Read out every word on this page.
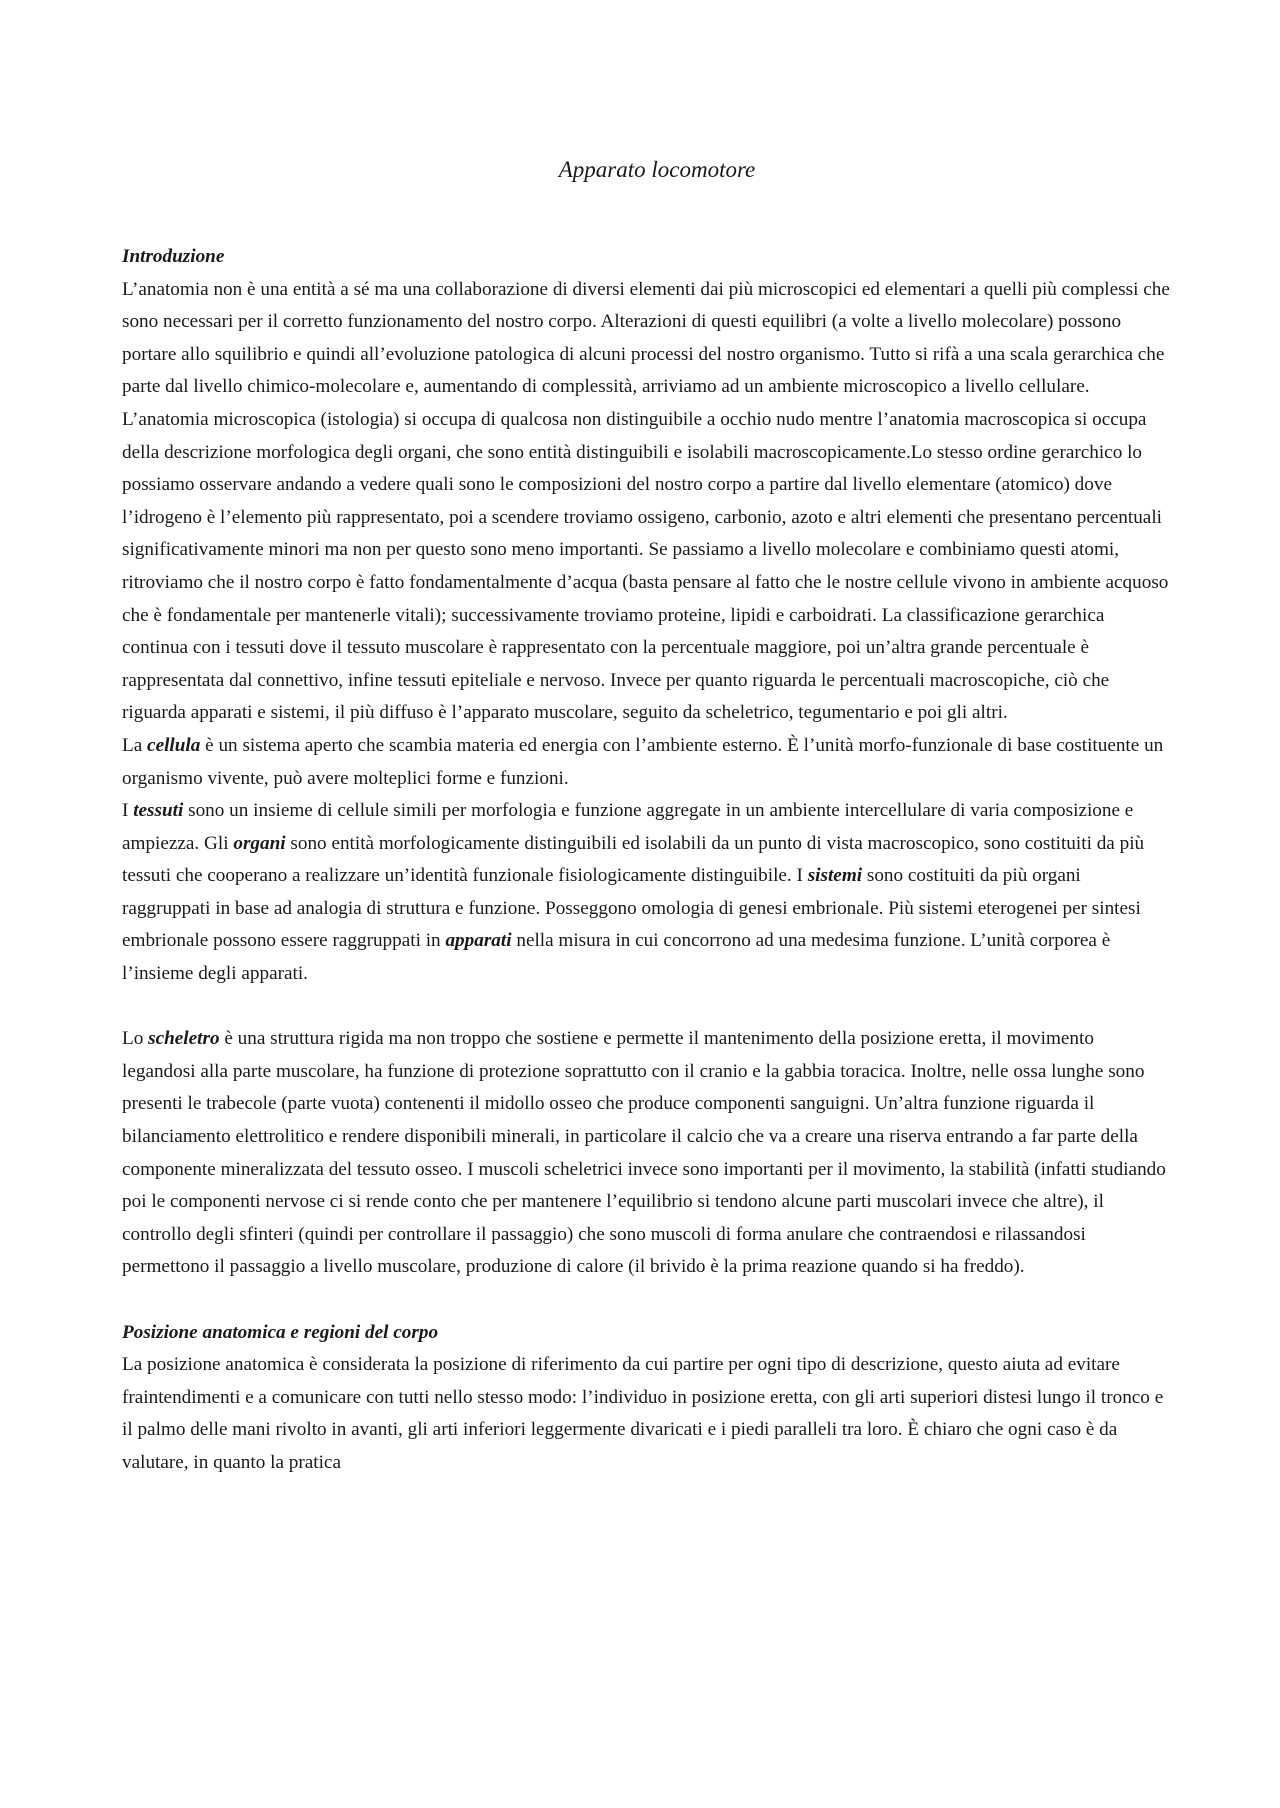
Apparato locomotore
Introduzione

L’anatomia non è una entità a sé ma una collaborazione di diversi elementi dai più microscopici ed elementari a quelli più complessi che sono necessari per il corretto funzionamento del nostro corpo. Alterazioni di questi equilibri (a volte a livello molecolare) possono portare allo squilibrio e quindi all’evoluzione patologica di alcuni processi del nostro organismo. Tutto si rifà a una scala gerarchica che parte dal livello chimico-molecolare e, aumentando di complessità, arriviamo ad un ambiente microscopico a livello cellulare. L’anatomia microscopica (istologia) si occupa di qualcosa non distinguibile a occhio nudo mentre l’anatomia macroscopica si occupa della descrizione morfologica degli organi, che sono entità distinguibili e isolabili macroscopicamente.Lo stesso ordine gerarchico lo possiamo osservare andando a vedere quali sono le composizioni del nostro corpo a partire dal livello elementare (atomico) dove l’idrogeno è l’elemento più rappresentato, poi a scendere troviamo ossigeno, carbonio, azoto e altri elementi che presentano percentuali significativamente minori ma non per questo sono meno importanti. Se passiamo a livello molecolare e combiniamo questi atomi, ritroviamo che il nostro corpo è fatto fondamentalmente d’acqua (basta pensare al fatto che le nostre cellule vivono in ambiente acquoso che è fondamentale per mantenerle vitali); successivamente troviamo proteine, lipidi e carboidrati. La classificazione gerarchica continua con i tessuti dove il tessuto muscolare è rappresentato con la percentuale maggiore, poi un’altra grande percentuale è rappresentata dal connettivo, infine tessuti epiteliale e nervoso. Invece per quanto riguarda le percentuali macroscopiche, ciò che riguarda apparati e sistemi, il più diffuso è l’apparato muscolare, seguito da scheletrico, tegumentario e poi gli altri.

La cellula è un sistema aperto che scambia materia ed energia con l’ambiente esterno. È l’unità morfo-funzionale di base costituente un organismo vivente, può avere molteplici forme e funzioni.

I tessuti sono un insieme di cellule simili per morfologia e funzione aggregate in un ambiente intercellulare di varia composizione e ampiezza. Gli organi sono entità morfologicamente distinguibili ed isolabili da un punto di vista macroscopico, sono costituiti da più tessuti che cooperano a realizzare un’identità funzionale fisiologicamente distinguibile. I sistemi sono costituiti da più organi raggruppati in base ad analogia di struttura e funzione. Posseggono omologia di genesi embrionale. Più sistemi eterogenei per sintesi embrionale possono essere raggruppati in apparati nella misura in cui concorrono ad una medesima funzione. L’unità corporea è l’insieme degli apparati.

Lo scheletro è una struttura rigida ma non troppo che sostiene e permette il mantenimento della posizione eretta, il movimento legandosi alla parte muscolare, ha funzione di protezione soprattutto con il cranio e la gabbia toracica. Inoltre, nelle ossa lunghe sono presenti le trabecole (parte vuota) contenenti il midollo osseo che produce componenti sanguigni. Un’altra funzione riguarda il bilanciamento elettrolitico e rendere disponibili minerali, in particolare il calcio che va a creare una riserva entrando a far parte della componente mineralizzata del tessuto osseo. I muscoli scheletrici invece sono importanti per il movimento, la stabilità (infatti studiando poi le componenti nervose ci si rende conto che per mantenere l’equilibrio si tendono alcune parti muscolari invece che altre), il controllo degli sfinteri (quindi per controllare il passaggio) che sono muscoli di forma anulare che contraendosi e rilassandosi permettono il passaggio a livello muscolare, produzione di calore (il brivido è la prima reazione quando si ha freddo).

Posizione anatomica e regioni del corpo

La posizione anatomica è considerata la posizione di riferimento da cui partire per ogni tipo di descrizione, questo aiuta ad evitare fraintendimenti e a comunicare con tutti nello stesso modo: l’individuo in posizione eretta, con gli arti superiori distesi lungo il tronco e il palmo delle mani rivolto in avanti, gli arti inferiori leggermente divaricati e i piedi paralleli tra loro. È chiaro che ogni caso è da valutare, in quanto la pratica
